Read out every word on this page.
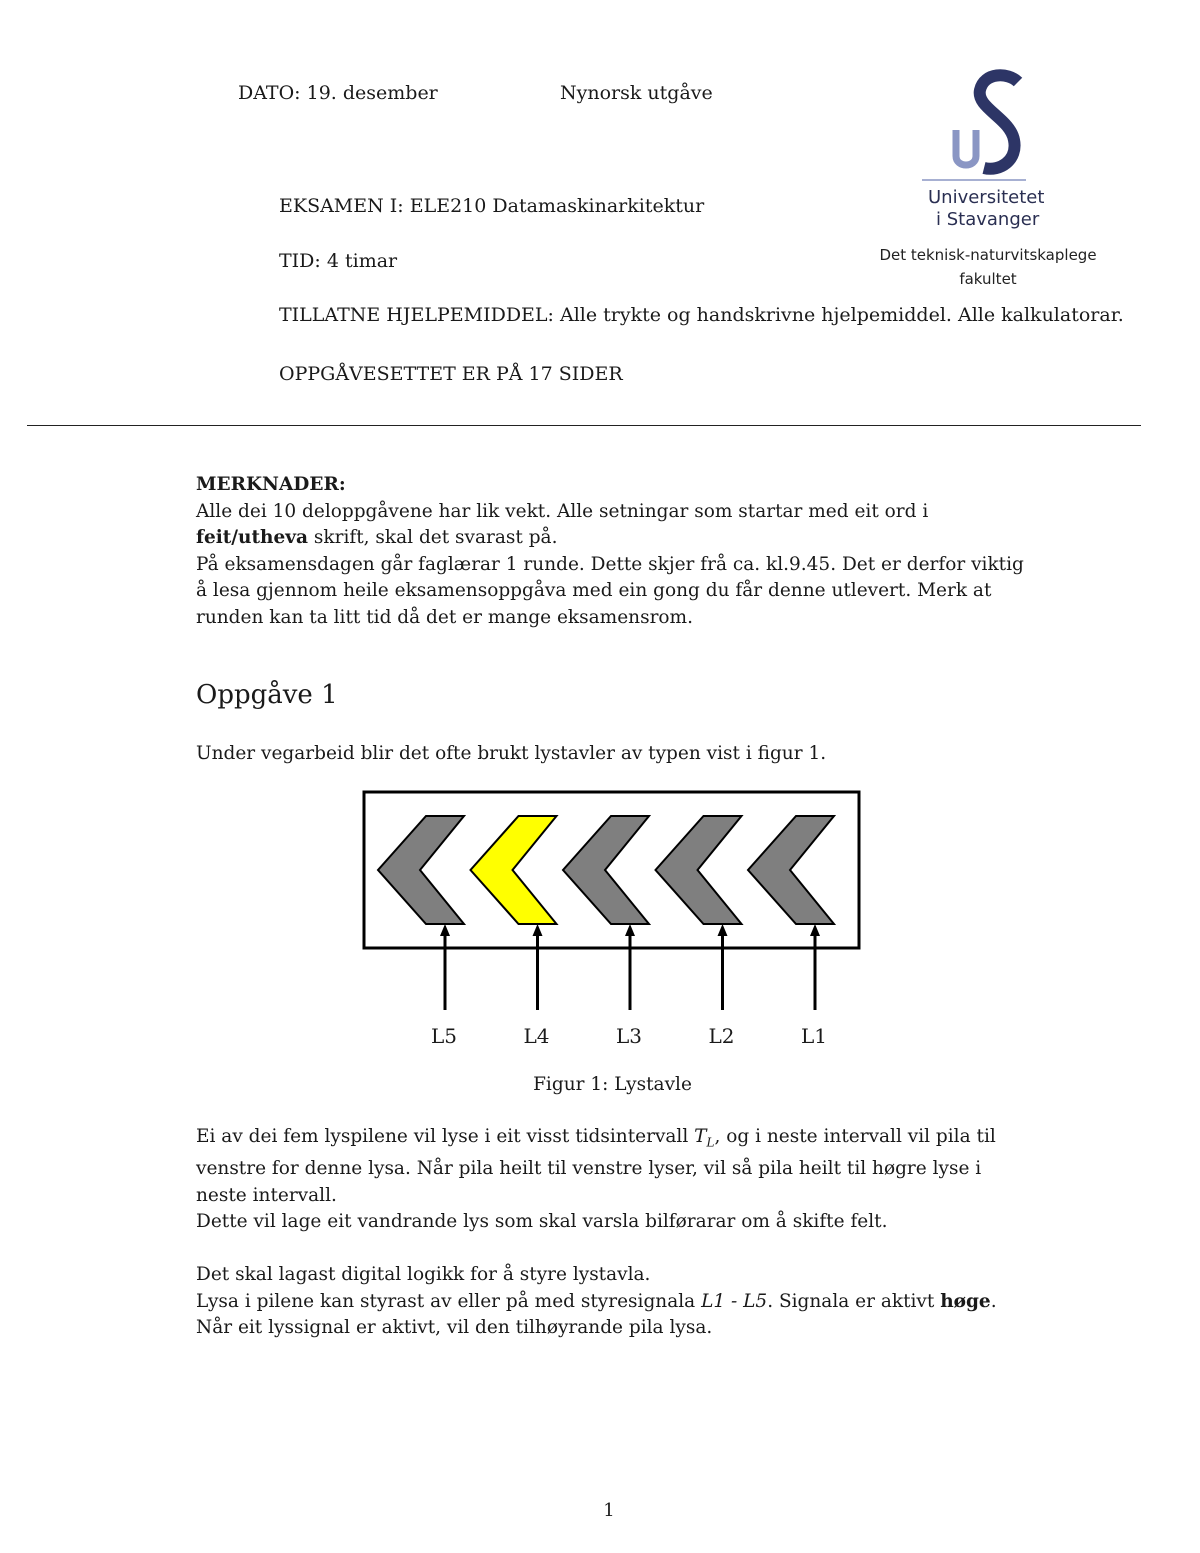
DATO: 19. desember	Nynorsk utgåve
EKSAMEN I: ELE210 Datamaskinarkitektur
TID: 4 timar
TILLATNE HJELPEMIDDEL: Alle trykte og handskrivne hjelpemiddel. Alle kalkulatorar.
OPPGÅVESETTET ER PÅ 17 SIDER
Universitetet
i Stavanger
Det teknisk-naturvitskaplege
fakultet

MERKNADER:

Alle dei 10 deloppgåvene har lik vekt. Alle setningar som startar med eit ord i feit/utheva skrift, skal det svarast på.

På eksamensdagen går faglærar 1 runde. Dette skjer frå ca. kl.9.45. Det er derfor viktig å lesa gjennom heile eksamensoppgåva med ein gong du får denne utlevert. Merk at runden kan ta litt tid då det er mange eksamensrom.

Oppgåve 1

Under vegarbeid blir det ofte brukt lystavler av typen vist i figur 1.

L5	L4	L3	L2	L1
Figur 1: Lystavle

Ei av dei fem lyspilene vil lyse i eit visst tidsintervall $T_L$, og i neste intervall vil pila til venstre for denne lysa. Når pila heilt til venstre lyser, vil så pila heilt til høgre lyse i neste intervall.

Dette vil lage eit vandrande lys som skal varsla bilførarar om å skifte felt.

Det skal lagast digital logikk for å styre lystavla.

Lysa i pilene kan styrast av eller på med styresignala L1 - L5. Signala er aktivt høge. Når eit lyssignal er aktivt, vil den tilhøyrande pila lysa.

1
